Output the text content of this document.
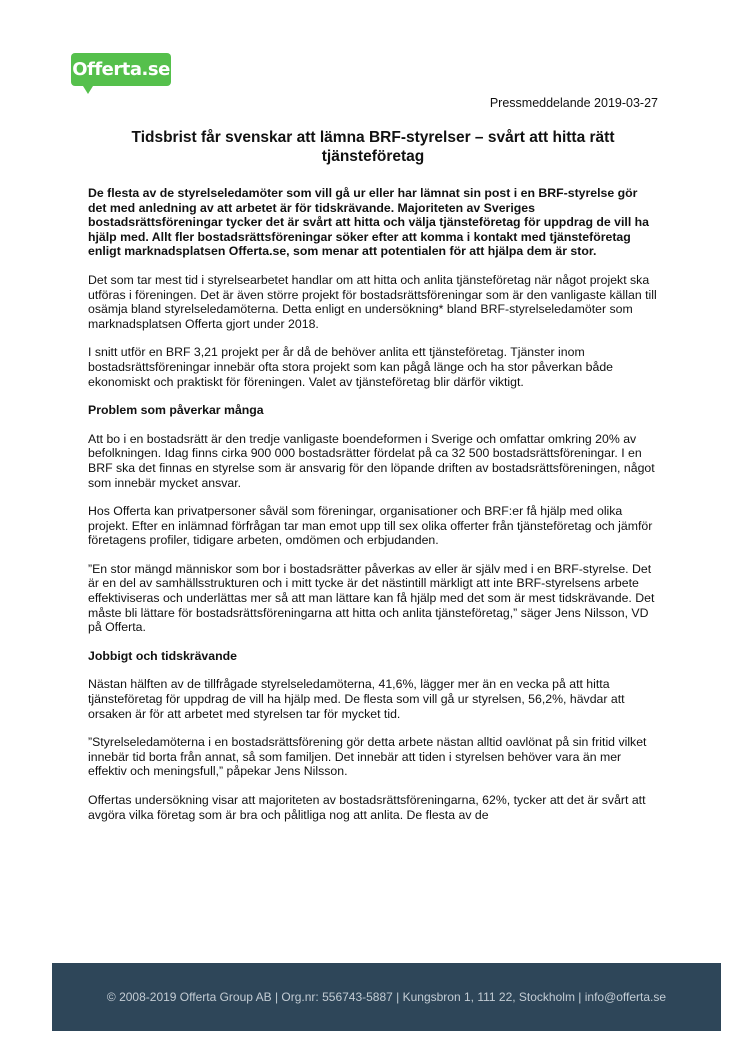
Offerta.se
Pressmeddelande 2019-03-27
Tidsbrist får svenskar att lämna BRF-styrelser – svårt att hitta rätt tjänsteföretag

De flesta av de styrelseledamöter som vill gå ur eller har lämnat sin post i en BRF-styrelse gör det med anledning av att arbetet är för tidskrävande. Majoriteten av Sveriges bostadsrättsföreningar tycker det är svårt att hitta och välja tjänsteföretag för uppdrag de vill ha hjälp med. Allt fler bostadsrättsföreningar söker efter att komma i kontakt med tjänsteföretag enligt marknadsplatsen Offerta.se, som menar att potentialen för att hjälpa dem är stor.

Det som tar mest tid i styrelsearbetet handlar om att hitta och anlita tjänsteföretag när något projekt ska utföras i föreningen. Det är även större projekt för bostadsrättsföreningar som är den vanligaste källan till osämja bland styrelseledamöterna. Detta enligt en undersökning* bland BRF-styrelseledamöter som marknadsplatsen Offerta gjort under 2018.

I snitt utför en BRF 3,21 projekt per år då de behöver anlita ett tjänsteföretag. Tjänster inom bostadsrättsföreningar innebär ofta stora projekt som kan pågå länge och ha stor påverkan både ekonomiskt och praktiskt för föreningen. Valet av tjänsteföretag blir därför viktigt.

Problem som påverkar många

Att bo i en bostadsrätt är den tredje vanligaste boendeformen i Sverige och omfattar omkring 20% av befolkningen. Idag finns cirka 900 000 bostadsrätter fördelat på ca 32 500 bostadsrättsföreningar. I en BRF ska det finnas en styrelse som är ansvarig för den löpande driften av bostadsrättsföreningen, något som innebär mycket ansvar.

Hos Offerta kan privatpersoner såväl som föreningar, organisationer och BRF:er få hjälp med olika projekt. Efter en inlämnad förfrågan tar man emot upp till sex olika offerter från tjänsteföretag och jämför företagens profiler, tidigare arbeten, omdömen och erbjudanden.

”En stor mängd människor som bor i bostadsrätter påverkas av eller är själv med i en BRF-styrelse. Det är en del av samhällsstrukturen och i mitt tycke är det nästintill märkligt att inte BRF-styrelsens arbete effektiviseras och underlättas mer så att man lättare kan få hjälp med det som är mest tidskrävande. Det måste bli lättare för bostadsrättsföreningarna att hitta och anlita tjänsteföretag,” säger Jens Nilsson, VD på Offerta.

Jobbigt och tidskrävande

Nästan hälften av de tillfrågade styrelseledamöterna, 41,6%, lägger mer än en vecka på att hitta tjänsteföretag för uppdrag de vill ha hjälp med. De flesta som vill gå ur styrelsen, 56,2%, hävdar att orsaken är för att arbetet med styrelsen tar för mycket tid.

”Styrelseledamöterna i en bostadsrättsförening gör detta arbete nästan alltid oavlönat på sin fritid vilket innebär tid borta från annat, så som familjen. Det innebär att tiden i styrelsen behöver vara än mer effektiv och meningsfull,” påpekar Jens Nilsson.

Offertas undersökning visar att majoriteten av bostadsrättsföreningarna, 62%, tycker att det är svårt att avgöra vilka företag som är bra och pålitliga nog att anlita. De flesta av de

© 2008-2019 Offerta Group AB | Org.nr: 556743-5887 | Kungsbron 1, 111 22, Stockholm | info@offerta.se
